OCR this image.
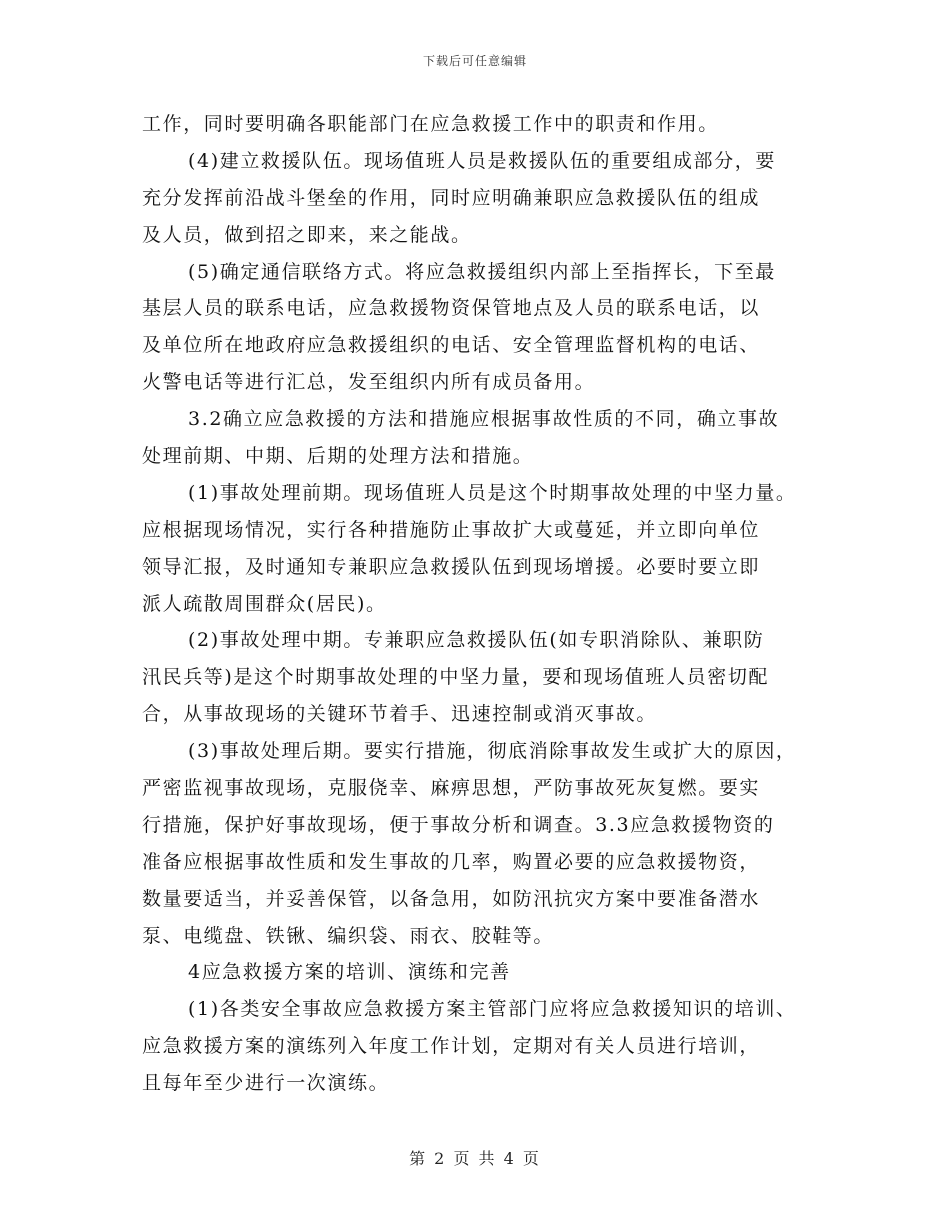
下载后可任意编辑
工作，同时要明确各职能部门在应急救援工作中的职责和作用。
(4)建立救援队伍。现场值班人员是救援队伍的重要组成部分，要
充分发挥前沿战斗堡垒的作用，同时应明确兼职应急救援队伍的组成
及人员，做到招之即来，来之能战。
(5)确定通信联络方式。将应急救援组织内部上至指挥长，下至最
基层人员的联系电话，应急救援物资保管地点及人员的联系电话，以
及单位所在地政府应急救援组织的电话、安全管理监督机构的电话、
火警电话等进行汇总，发至组织内所有成员备用。
3.2确立应急救援的方法和措施应根据事故性质的不同，确立事故
处理前期、中期、后期的处理方法和措施。
(1)事故处理前期。现场值班人员是这个时期事故处理的中坚力量。
应根据现场情况，实行各种措施防止事故扩大或蔓延，并立即向单位
领导汇报，及时通知专兼职应急救援队伍到现场增援。必要时要立即
派人疏散周围群众(居民)。
(2)事故处理中期。专兼职应急救援队伍(如专职消除队、兼职防
汛民兵等)是这个时期事故处理的中坚力量，要和现场值班人员密切配
合，从事故现场的关键环节着手、迅速控制或消灭事故。
(3)事故处理后期。要实行措施，彻底消除事故发生或扩大的原因，
严密监视事故现场，克服侥幸、麻痹思想，严防事故死灰复燃。要实
行措施，保护好事故现场，便于事故分析和调查。3.3应急救援物资的
准备应根据事故性质和发生事故的几率，购置必要的应急救援物资，
数量要适当，并妥善保管，以备急用，如防汛抗灾方案中要准备潜水
泵、电缆盘、铁锹、编织袋、雨衣、胶鞋等。
4应急救援方案的培训、演练和完善
(1)各类安全事故应急救援方案主管部门应将应急救援知识的培训、
应急救援方案的演练列入年度工作计划，定期对有关人员进行培训，
且每年至少进行一次演练。
第 2 页 共 4 页
